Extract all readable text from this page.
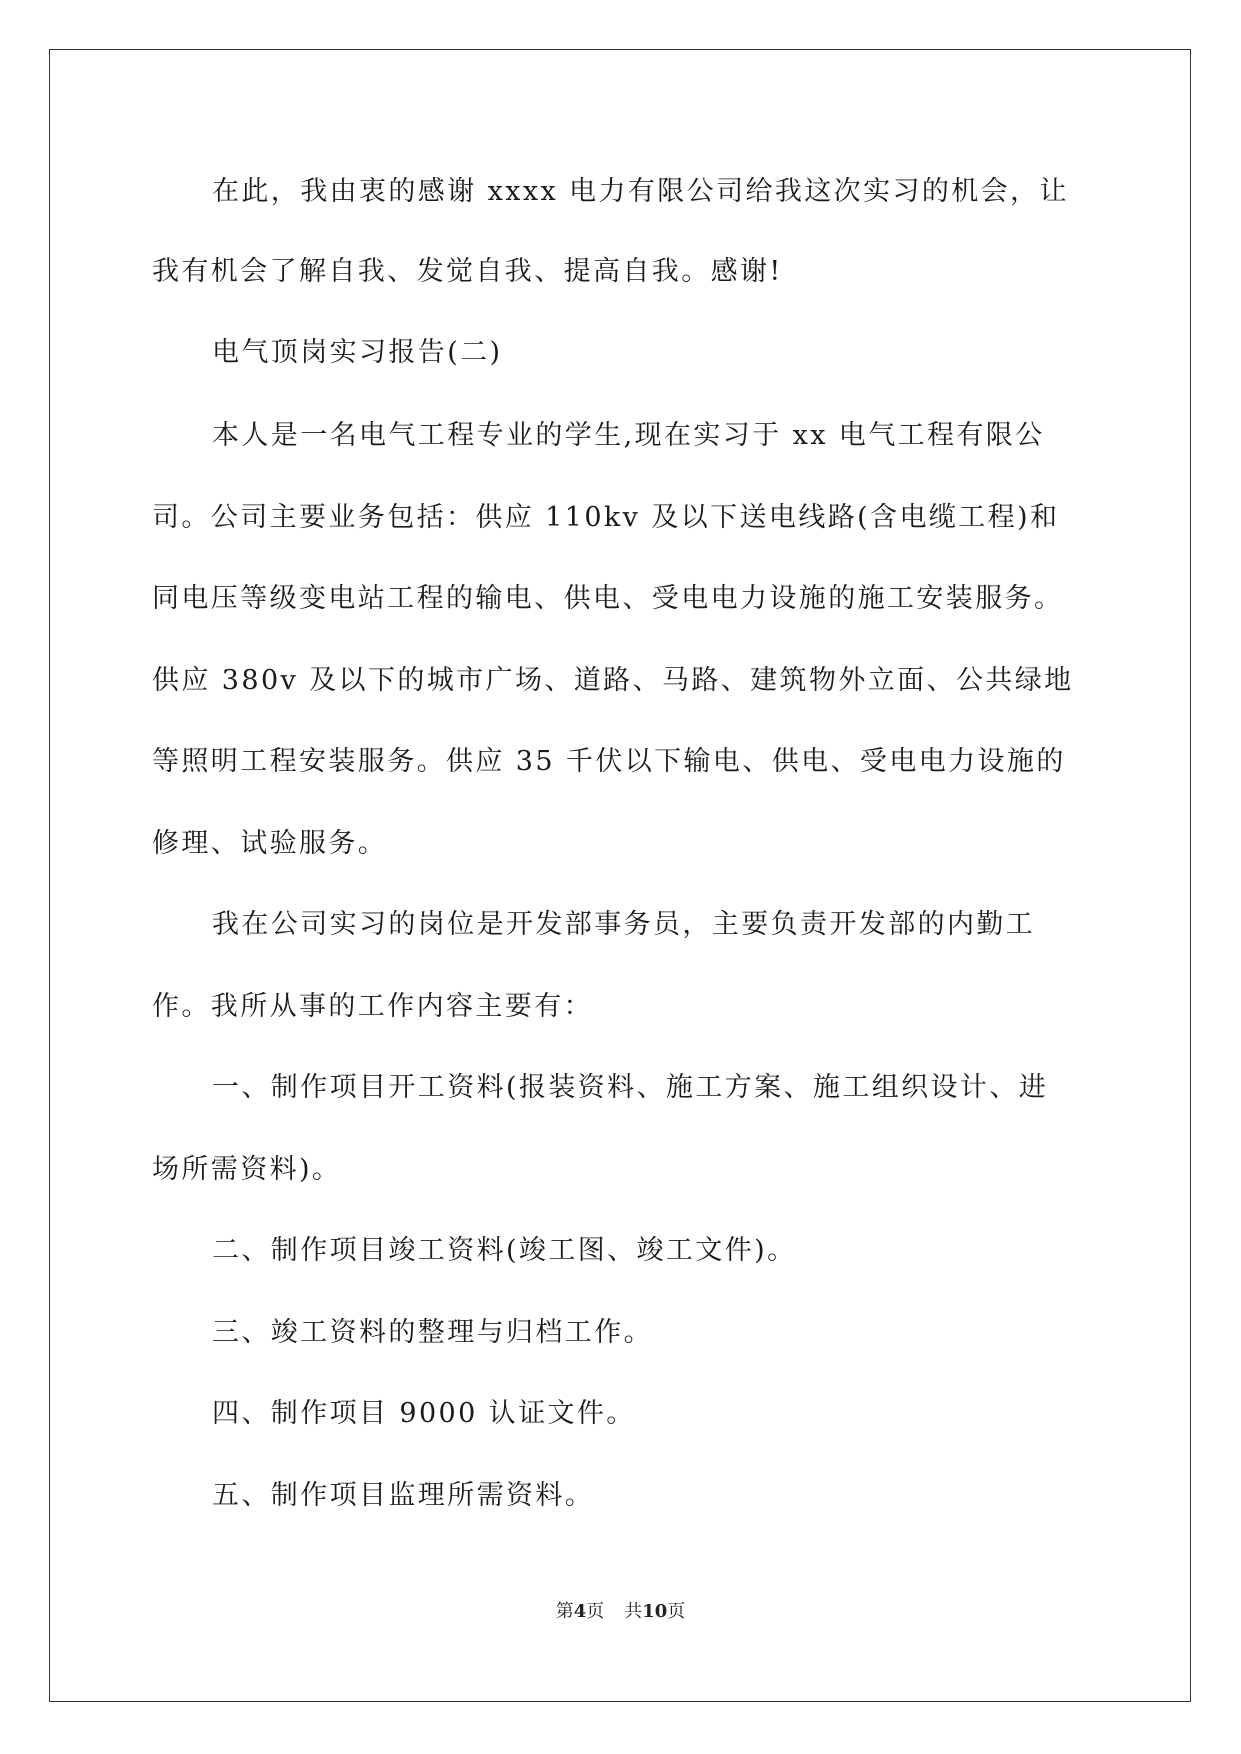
在此，我由衷的感谢 xxxx 电力有限公司给我这次实习的机会，让
我有机会了解自我、发觉自我、提高自我。感谢!
电气顶岗实习报告(二)
本人是一名电气工程专业的学生,现在实习于 xx 电气工程有限公
司。公司主要业务包括：供应 110kv 及以下送电线路(含电缆工程)和
同电压等级变电站工程的输电、供电、受电电力设施的施工安装服务。
供应 380v 及以下的城市广场、道路、马路、建筑物外立面、公共绿地
等照明工程安装服务。供应 35 千伏以下输电、供电、受电电力设施的
修理、试验服务。
我在公司实习的岗位是开发部事务员，主要负责开发部的内勤工
作。我所从事的工作内容主要有：
一、制作项目开工资料(报装资料、施工方案、施工组织设计、进
场所需资料)。
二、制作项目竣工资料(竣工图、竣工文件)。
三、竣工资料的整理与归档工作。
四、制作项目 9000 认证文件。
五、制作项目监理所需资料。
第4页 共10页
